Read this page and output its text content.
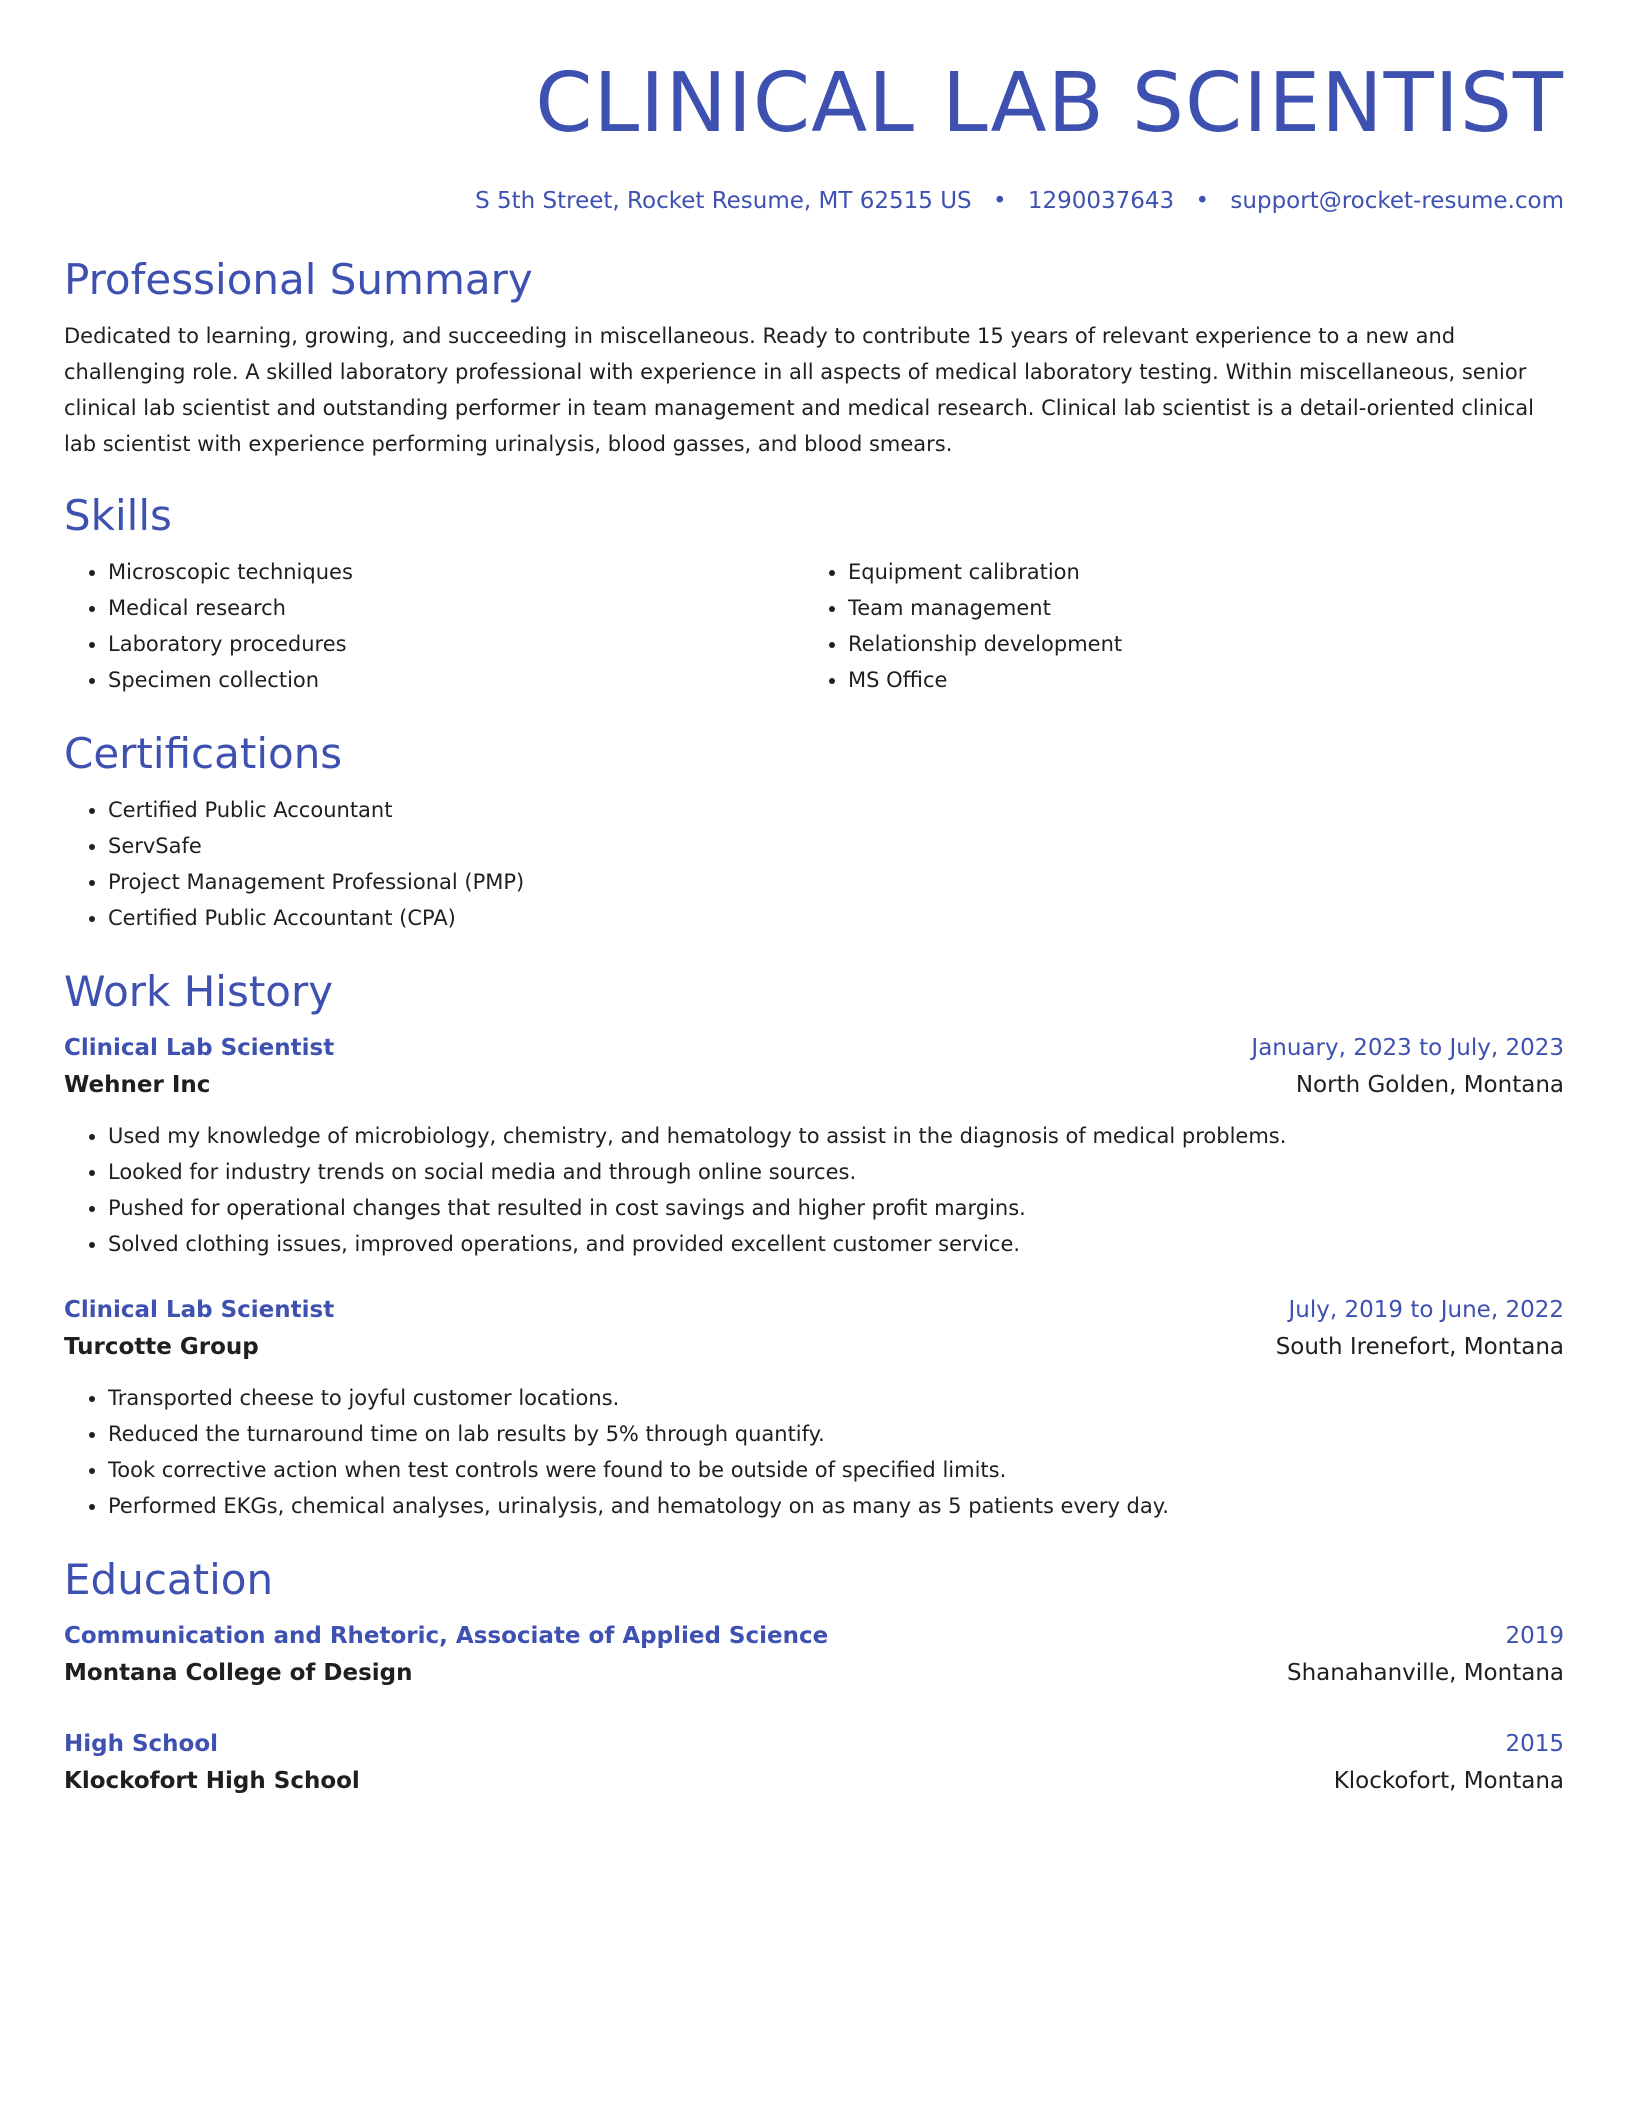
CLINICAL LAB SCIENTIST
S 5th Street, Rocket Resume, MT 62515 US • 1290037643 • support@rocket-resume.com
Professional Summary
Dedicated to learning, growing, and succeeding in miscellaneous. Ready to contribute 15 years of relevant experience to a new and challenging role. A skilled laboratory professional with experience in all aspects of medical laboratory testing. Within miscellaneous, senior clinical lab scientist and outstanding performer in team management and medical research. Clinical lab scientist is a detail-oriented clinical lab scientist with experience performing urinalysis, blood gasses, and blood smears.
Skills
• Microscopic techniques
• Medical research
• Laboratory procedures
• Specimen collection
• Equipment calibration
• Team management
• Relationship development
• MS Office
Certifications
• Certified Public Accountant
• ServSafe
• Project Management Professional (PMP)
• Certified Public Accountant (CPA)
Work History
Clinical Lab Scientist	January, 2023 to July, 2023
Wehner Inc	North Golden, Montana
• Used my knowledge of microbiology, chemistry, and hematology to assist in the diagnosis of medical problems.
• Looked for industry trends on social media and through online sources.
• Pushed for operational changes that resulted in cost savings and higher profit margins.
• Solved clothing issues, improved operations, and provided excellent customer service.
Clinical Lab Scientist	July, 2019 to June, 2022
Turcotte Group	South Irenefort, Montana
• Transported cheese to joyful customer locations.
• Reduced the turnaround time on lab results by 5% through quantify.
• Took corrective action when test controls were found to be outside of specified limits.
• Performed EKGs, chemical analyses, urinalysis, and hematology on as many as 5 patients every day.
Education
Communication and Rhetoric, Associate of Applied Science	2019
Montana College of Design	Shanahanville, Montana
High School	2015
Klockofort High School	Klockofort, Montana
